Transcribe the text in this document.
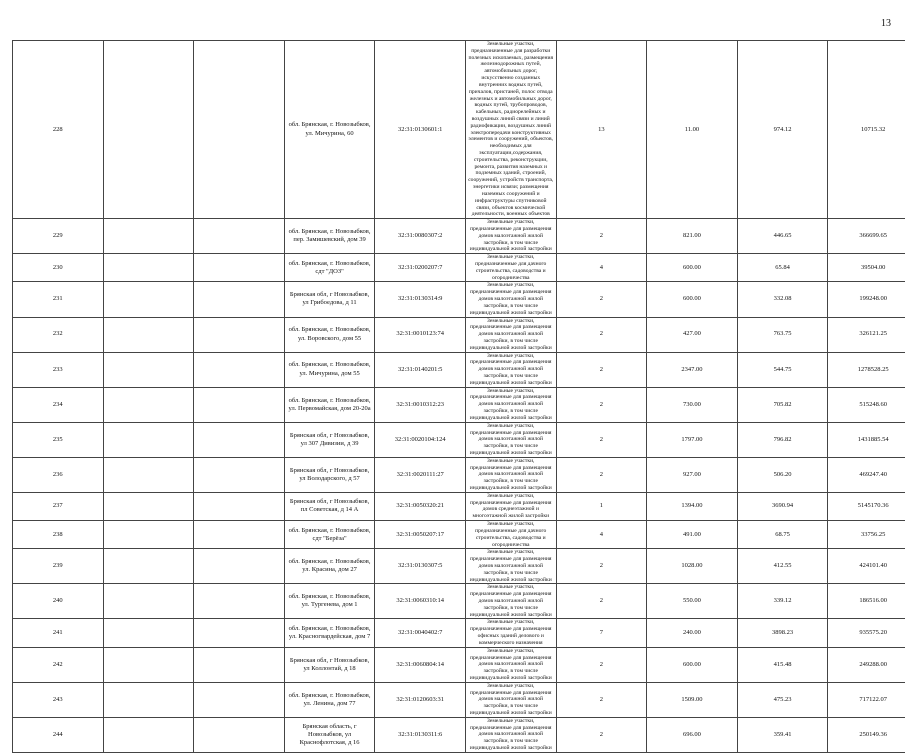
13
228			обл. Брянская, г. Новозыбков, ул. Мичурина, 60	32:31:0130601:1	Земельные участки, предназначенные для разработки полезных ископаемых, размещения железнодорожных путей, автомобильных дорог, искусственно созданных внутренних водных путей, причалов, пристаней, полос отвода железных и автомобильных дорог, водных путей, трубопроводов, кабельных, радиорелейных и воздушных линий связи и линий радиофикации, воздушных линий электропередачи конструктивных элементов и сооружений, объектов, необходимых для эксплуатации,содержания, строительства, реконструкции, ремонта, развития наземных и подземных зданий, строений, сооружений, устройств транспорта, энергетики исвязи; размещения наземных сооружений и инфраструктуры спутниковой связи, объектов космической деятельности, военных объектов	13	11.00	974.12	10715.32
229			обл. Брянская, г. Новозыбков, пер. Замишевский, дом 39	32:31:0080307:2	Земельные участки, предназначенные для размещения домов малоэтажной жилой застройки, в том числе индивидуальной жилой застройки	2	821.00	446.65	366699.65
230			обл. Брянская, г. Новозыбков, сдт "ДОЗ"	32:31:0200207:7	Земельные участки, предназначенные для дачного строительства, садоводства и огородничества	4	600.00	65.84	39504.00
231			Брянская обл, г Новозыбков, ул Грибоедова, д 11	32:31:0130314:9	Земельные участки, предназначенные для размещения домов малоэтажной жилой застройки, в том числе индивидуальной жилой застройки	2	600.00	332.08	199248.00
232			обл. Брянская, г. Новозыбков, ул. Воровского, дом 55	32:31:0010123:74	Земельные участки, предназначенные для размещения домов малоэтажной жилой застройки, в том числе индивидуальной жилой застройки	2	427.00	763.75	326121.25
233			обл. Брянская, г. Новозыбков, ул. Мичурина, дом 55	32:31:0140201:5	Земельные участки, предназначенные для размещения домов малоэтажной жилой застройки, в том числе индивидуальной жилой застройки	2	2347.00	544.75	1278528.25
234			обл. Брянская, г. Новозыбков, ул. Первомайская, дом 20-20а	32:31:0010312:23	Земельные участки, предназначенные для размещения домов малоэтажной жилой застройки, в том числе индивидуальной жилой застройки	2	730.00	705.82	515248.60
235			Брянская обл, г Новозыбков, ул 307 Дивизии, д 39	32:31:0020104:124	Земельные участки, предназначенные для размещения домов малоэтажной жилой застройки, в том числе индивидуальной жилой застройки	2	1797.00	796.82	1431885.54
236			Брянская обл, г Новозыбков, ул Володарского, д 57	32:31:0020111:27	Земельные участки, предназначенные для размещения домов малоэтажной жилой застройки, в том числе индивидуальной жилой застройки	2	927.00	506.20	469247.40
237			Брянская обл, г Новозыбков, пл Советская, д 14 А	32:31:0050320:21	Земельные участки, предназначенные для размещения домов среднеэтажной и многоэтажной жилой застройки	1	1394.00	3690.94	5145170.36
238			обл. Брянская, г. Новозыбков, сдт "Берёза"	32:31:0050207:17	Земельные участки, предназначенные для дачного строительства, садоводства и огородничества	4	491.00	68.75	33756.25
239			обл. Брянская, г. Новозыбков, ул. Красина, дом 27	32:31:0130307:5	Земельные участки, предназначенные для размещения домов малоэтажной жилой застройки, в том числе индивидуальной жилой застройки	2	1028.00	412.55	424101.40
240			обл. Брянская, г. Новозыбков, ул. Тургенева, дом 1	32:31:0060310:14	Земельные участки, предназначенные для размещения домов малоэтажной жилой застройки, в том числе индивидуальной жилой застройки	2	550.00	339.12	186516.00
241			обл. Брянская, г. Новозыбков, ул. Красногвардейская, дом 7	32:31:0040402:7	Земельные участки, предназначенные для размещения офисных зданий делового и коммерческого назначения	7	240.00	3898.23	935575.20
242			Брянская обл, г Новозыбков, ул Коллонтай, д 18	32:31:0060804:14	Земельные участки, предназначенные для размещения домов малоэтажной жилой застройки, в том числе индивидуальной жилой застройки	2	600.00	415.48	249288.00
243			обл. Брянская, г. Новозыбков, ул. Ленина, дом 77	32:31:0120603:31	Земельные участки, предназначенные для размещения домов малоэтажной жилой застройки, в том числе индивидуальной жилой застройки	2	1509.00	475.23	717122.07
244			Брянская область, г Новозыбков, ул Краснофлотская, д 16	32:31:0130311:6	Земельные участки, предназначенные для размещения домов малоэтажной жилой застройки, в том числе индивидуальной жилой застройки	2	696.00	359.41	250149.36
